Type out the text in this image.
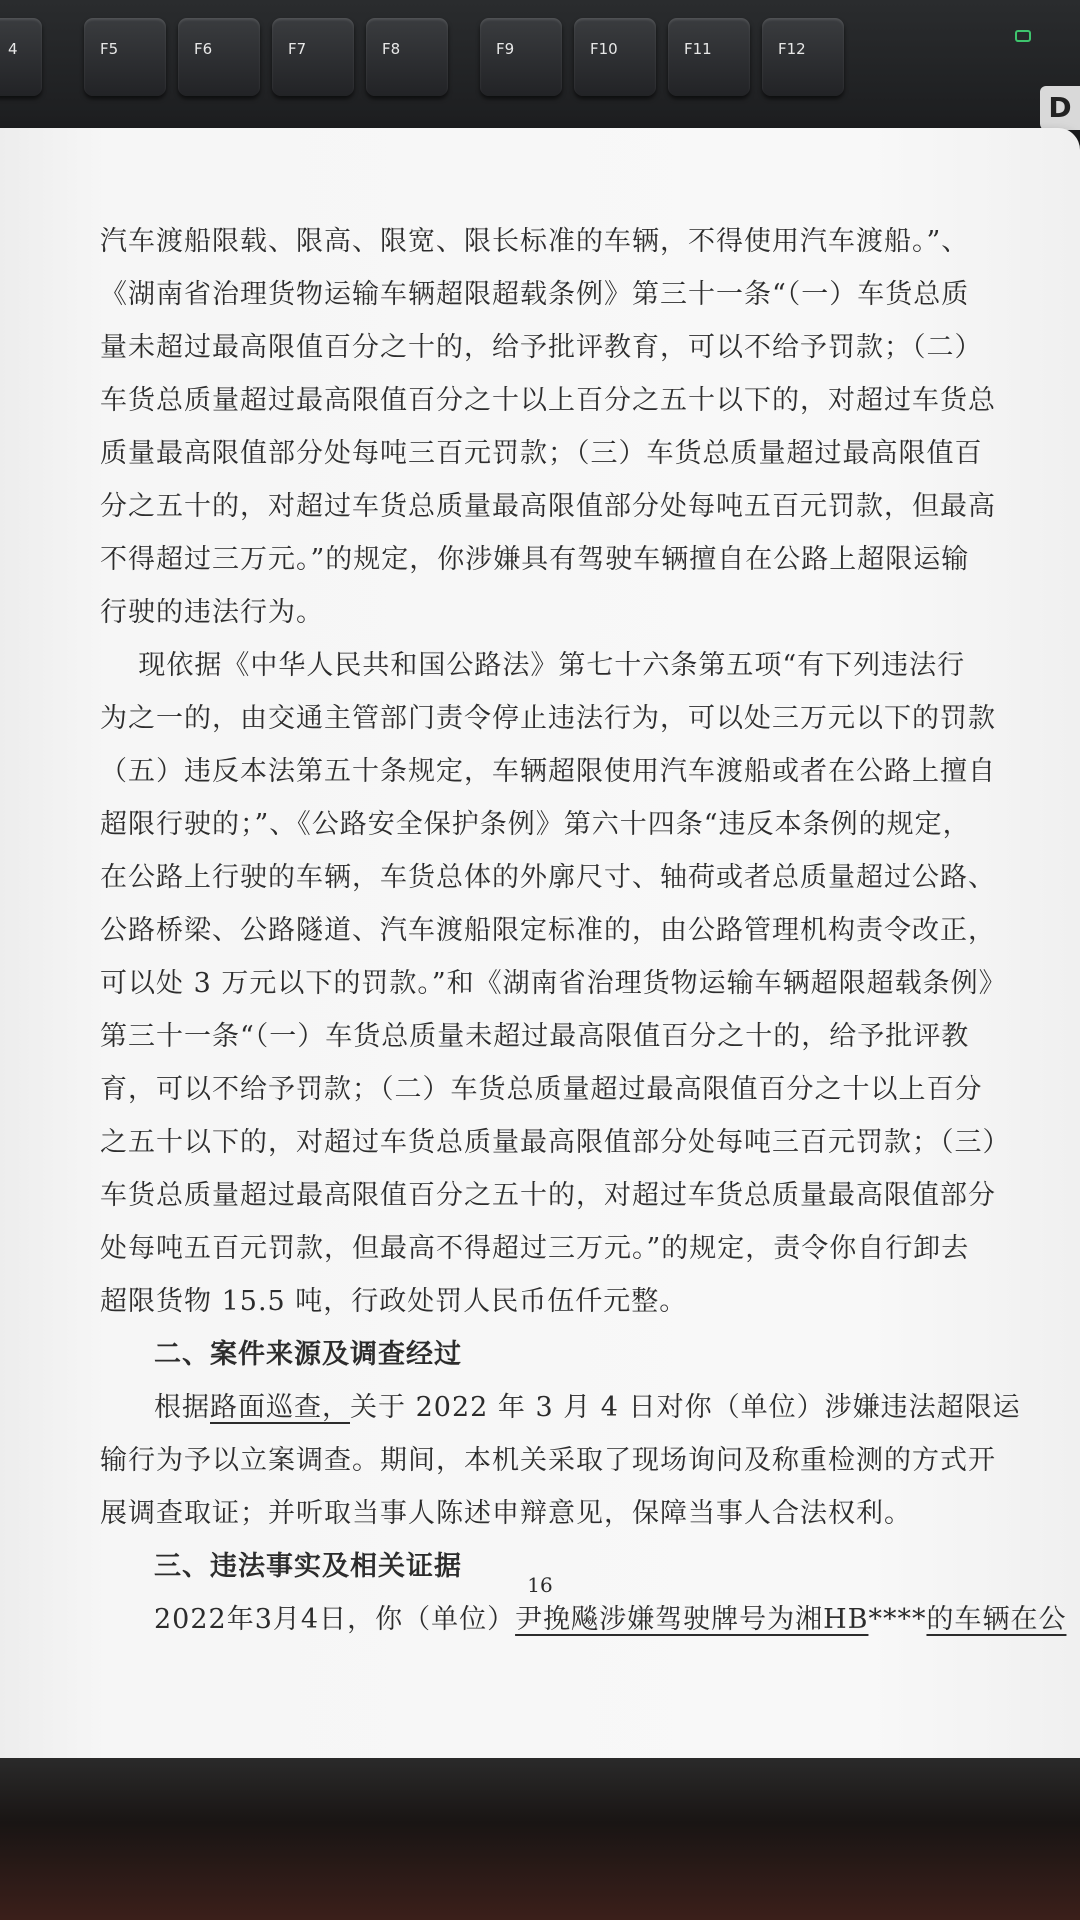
4	F5	F6	F7	F8	F9	F10	F11	F12
D
汽车渡船限载、限高、限宽、限长标准的车辆，不得使用汽车渡船。”、
《湖南省治理货物运输车辆超限超载条例》第三十一条“（一）车货总质
量未超过最高限值百分之十的，给予批评教育，可以不给予罚款；（二）
车货总质量超过最高限值百分之十以上百分之五十以下的，对超过车货总
质量最高限值部分处每吨三百元罚款；（三）车货总质量超过最高限值百
分之五十的，对超过车货总质量最高限值部分处每吨五百元罚款，但最高
不得超过三万元。”的规定，你涉嫌具有驾驶车辆擅自在公路上超限运输
行驶的违法行为。
现依据《中华人民共和国公路法》第七十六条第五项“有下列违法行
为之一的，由交通主管部门责令停止违法行为，可以处三万元以下的罚款
（五）违反本法第五十条规定，车辆超限使用汽车渡船或者在公路上擅自
超限行驶的；”、《公路安全保护条例》第六十四条“违反本条例的规定，
在公路上行驶的车辆，车货总体的外廓尺寸、轴荷或者总质量超过公路、
公路桥梁、公路隧道、汽车渡船限定标准的，由公路管理机构责令改正，
可以处 3 万元以下的罚款。”和《湖南省治理货物运输车辆超限超载条例》
第三十一条“（一）车货总质量未超过最高限值百分之十的，给予批评教
育，可以不给予罚款；（二）车货总质量超过最高限值百分之十以上百分
之五十以下的，对超过车货总质量最高限值部分处每吨三百元罚款；（三）
车货总质量超过最高限值百分之五十的，对超过车货总质量最高限值部分
处每吨五百元罚款，但最高不得超过三万元。”的规定，责令你自行卸去
超限货物 15.5 吨，行政处罚人民币伍仟元整。
二、案件来源及调查经过
根据路面巡查，关于 2022 年 3 月 4 日对你（单位）涉嫌违法超限运
输行为予以立案调查。期间，本机关采取了现场询问及称重检测的方式开
展调查取证；并听取当事人陈述申辩意见，保障当事人合法权利。
三、违法事实及相关证据
2022年3月4日，你（单位）尹挽飚涉嫌驾驶牌号为湘HB****的车辆在公
16
